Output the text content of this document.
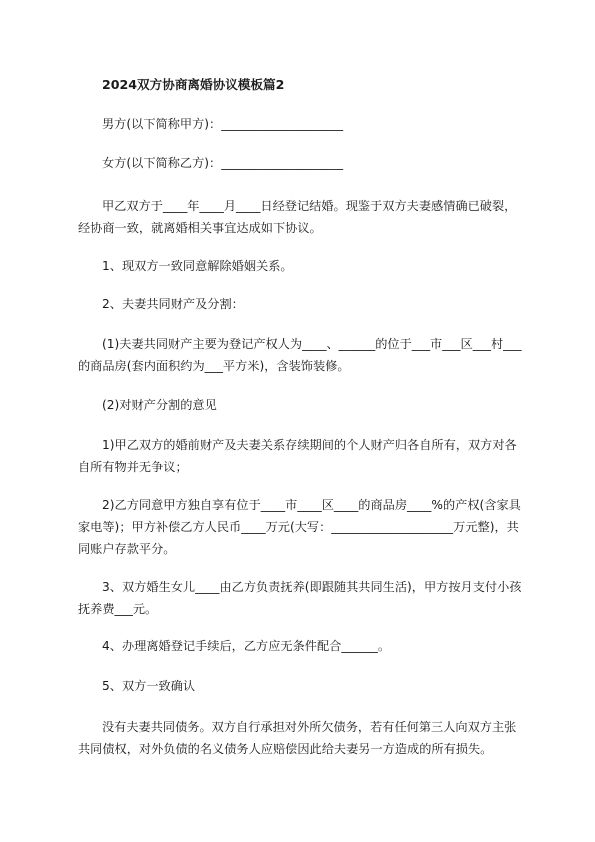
2024双方协商离婚协议模板篇2
男方(以下简称甲方)：____________________
女方(以下简称乙方)：____________________
甲乙双方于____年____月____日经登记结婚。现鉴于双方夫妻感情确已破裂，经协商一致，就离婚相关事宜达成如下协议。
1、现双方一致同意解除婚姻关系。
2、夫妻共同财产及分割：
(1)夫妻共同财产主要为登记产权人为____、______的位于___市___区___村___的商品房(套内面积约为___平方米)，含装饰装修。
(2)对财产分割的意见
1)甲乙双方的婚前财产及夫妻关系存续期间的个人财产归各自所有，双方对各自所有物并无争议；
2)乙方同意甲方独自享有位于____市____区____的商品房____%的产权(含家具家电等)；甲方补偿乙方人民币____万元(大写：____________________万元整)，共同账户存款平分。
3、双方婚生女儿____由乙方负责抚养(即跟随其共同生活)，甲方按月支付小孩抚养费___元。
4、办理离婚登记手续后，乙方应无条件配合______。
5、双方一致确认
没有夫妻共同债务。双方自行承担对外所欠债务，若有任何第三人向双方主张共同债权，对外负债的名义债务人应赔偿因此给夫妻另一方造成的所有损失。
